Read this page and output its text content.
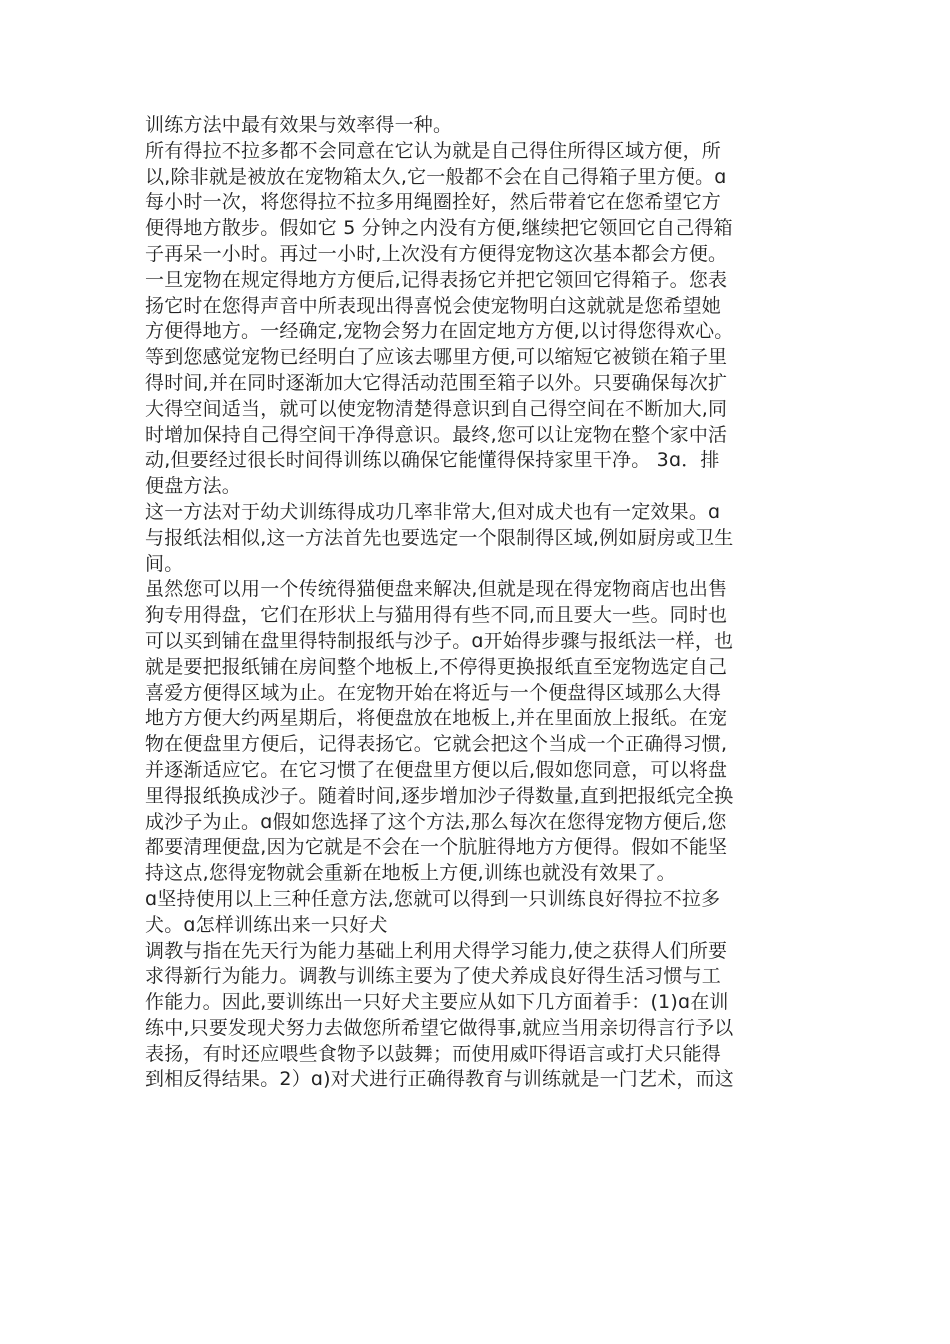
训练方法中最有效果与效率得一种。
所有得拉不拉多都不会同意在它认为就是自己得住所得区域方便，所
以,除非就是被放在宠物箱太久,它一般都不会在自己得箱子里方便。ɑ
每小时一次，将您得拉不拉多用绳圈拴好，然后带着它在您希望它方
便得地方散步。假如它 5 分钟之内没有方便,继续把它领回它自己得箱
子再呆一小时。再过一小时,上次没有方便得宠物这次基本都会方便。
一旦宠物在规定得地方方便后,记得表扬它并把它领回它得箱子。您表
扬它时在您得声音中所表现出得喜悦会使宠物明白这就就是您希望她
方便得地方。一经确定,宠物会努力在固定地方方便,以讨得您得欢心。
等到您感觉宠物已经明白了应该去哪里方便,可以缩短它被锁在箱子里
得时间,并在同时逐渐加大它得活动范围至箱子以外。只要确保每次扩
大得空间适当，就可以使宠物清楚得意识到自己得空间在不断加大,同
时增加保持自己得空间干净得意识。最终,您可以让宠物在整个家中活
动,但要经过很长时间得训练以确保它能懂得保持家里干净。 3ɑ．排
便盘方法。
这一方法对于幼犬训练得成功几率非常大,但对成犬也有一定效果。ɑ
与报纸法相似,这一方法首先也要选定一个限制得区域,例如厨房或卫生
间。
虽然您可以用一个传统得猫便盘来解决,但就是现在得宠物商店也出售
狗专用得盘，它们在形状上与猫用得有些不同,而且要大一些。同时也
可以买到铺在盘里得特制报纸与沙子。ɑ开始得步骤与报纸法一样，也
就是要把报纸铺在房间整个地板上,不停得更换报纸直至宠物选定自己
喜爱方便得区域为止。在宠物开始在将近与一个便盘得区域那么大得
地方方便大约两星期后，将便盘放在地板上,并在里面放上报纸。在宠
物在便盘里方便后，记得表扬它。它就会把这个当成一个正确得习惯,
并逐渐适应它。在它习惯了在便盘里方便以后,假如您同意，可以将盘
里得报纸换成沙子。随着时间,逐步增加沙子得数量,直到把报纸完全换
成沙子为止。ɑ假如您选择了这个方法,那么每次在您得宠物方便后,您
都要清理便盘,因为它就是不会在一个肮脏得地方方便得。假如不能坚
持这点,您得宠物就会重新在地板上方便,训练也就没有效果了。
ɑ坚持使用以上三种任意方法,您就可以得到一只训练良好得拉不拉多
犬。ɑ怎样训练出来一只好犬
调教与指在先天行为能力基础上利用犬得学习能力,使之获得人们所要
求得新行为能力。调教与训练主要为了使犬养成良好得生活习惯与工
作能力。因此,要训练出一只好犬主要应从如下几方面着手：(1)ɑ在训
练中,只要发现犬努力去做您所希望它做得事,就应当用亲切得言行予以
表扬，有时还应喂些食物予以鼓舞；而使用威吓得语言或打犬只能得
到相反得结果。2）ɑ)对犬进行正确得教育与训练就是一门艺术，而这
